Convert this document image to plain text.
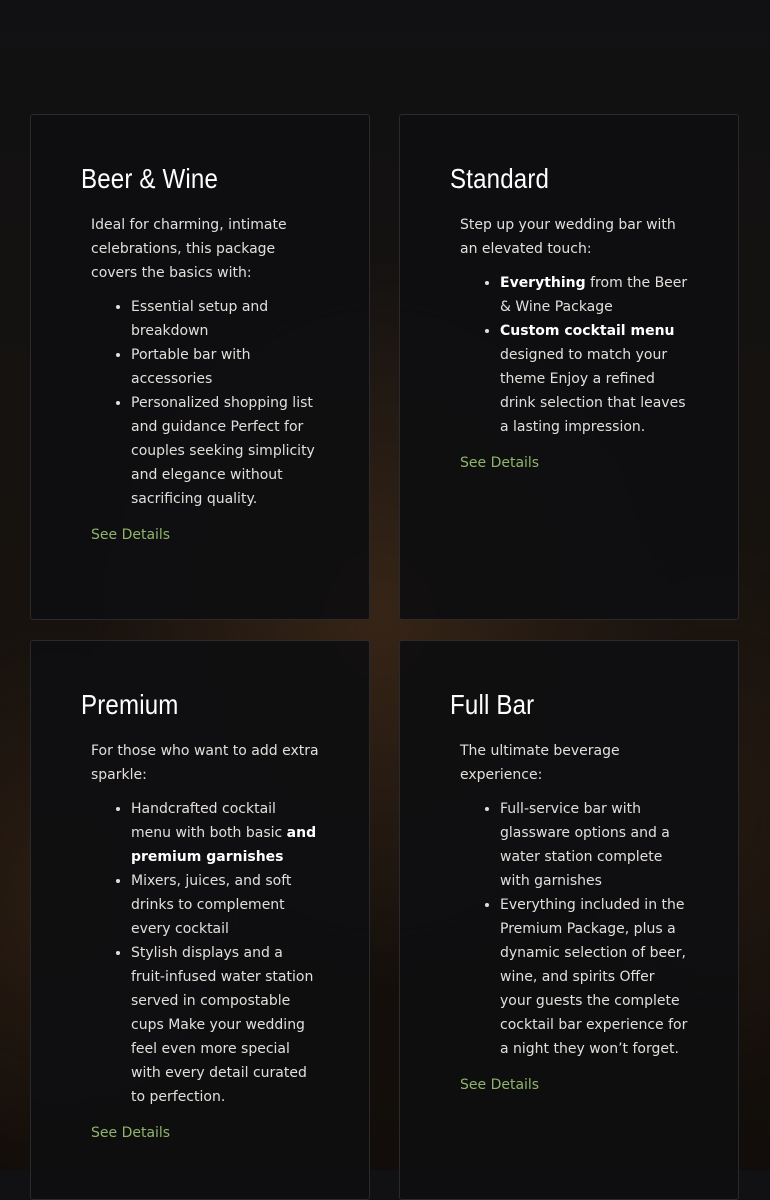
Beer & Wine
Ideal for charming, intimate celebrations, this package covers the basics with:
• Essential setup and breakdown
• Portable bar with accessories
• Personalized shopping list and guidance Perfect for couples seeking simplicity and elegance without sacrificing quality.
See Details
Standard
Step up your wedding bar with an elevated touch:
• Everything from the Beer & Wine Package
• Custom cocktail menu designed to match your theme Enjoy a refined drink selection that leaves a lasting impression.
See Details
Premium
For those who want to add extra sparkle:
• Handcrafted cocktail menu with both basic and premium garnishes
• Mixers, juices, and soft drinks to complement every cocktail
• Stylish displays and a fruit-infused water station served in compostable cups Make your wedding feel even more special with every detail curated to perfection.
See Details
Full Bar
The ultimate beverage experience:
• Full-service bar with glassware options and a water station complete with garnishes
• Everything included in the Premium Package, plus a dynamic selection of beer, wine, and spirits Offer your guests the complete cocktail bar experience for a night they won’t forget.
See Details
